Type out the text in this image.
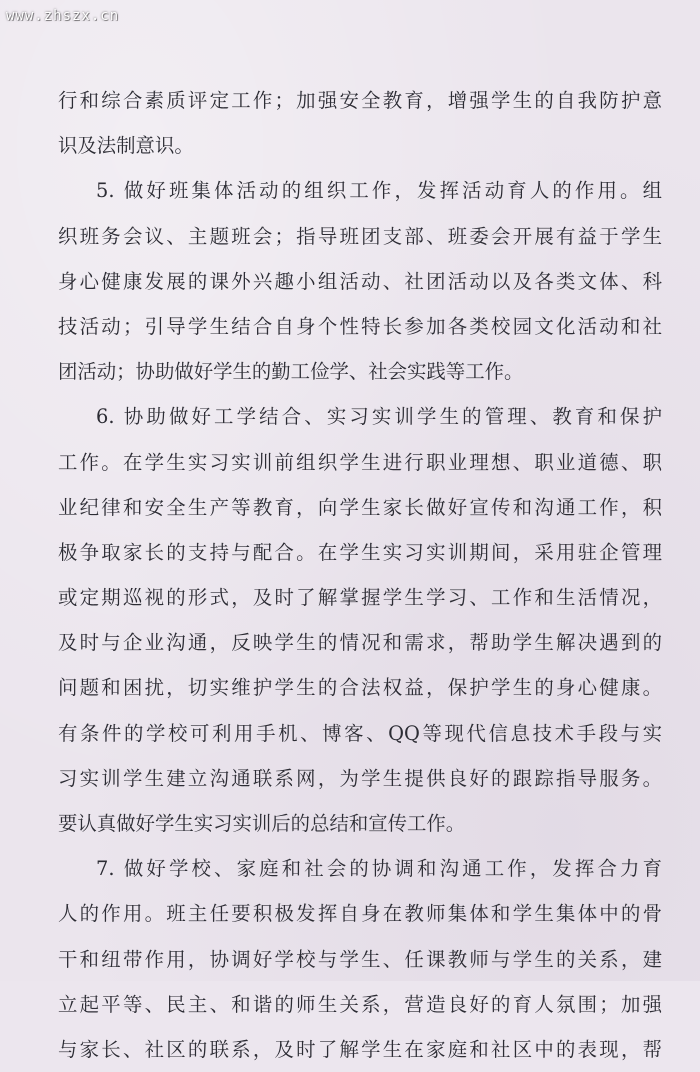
www.zhszx.cn
行和综合素质评定工作；加强安全教育，增强学生的自我防护意
识及法制意识。
5. 做好班集体活动的组织工作，发挥活动育人的作用。组
织班务会议、主题班会；指导班团支部、班委会开展有益于学生
身心健康发展的课外兴趣小组活动、社团活动以及各类文体、科
技活动；引导学生结合自身个性特长参加各类校园文化活动和社
团活动；协助做好学生的勤工俭学、社会实践等工作。
6. 协助做好工学结合、实习实训学生的管理、教育和保护
工作。在学生实习实训前组织学生进行职业理想、职业道德、职
业纪律和安全生产等教育，向学生家长做好宣传和沟通工作，积
极争取家长的支持与配合。在学生实习实训期间，采用驻企管理
或定期巡视的形式，及时了解掌握学生学习、工作和生活情况，
及时与企业沟通，反映学生的情况和需求，帮助学生解决遇到的
问题和困扰，切实维护学生的合法权益，保护学生的身心健康。
有条件的学校可利用手机、博客、QQ等现代信息技术手段与实
习实训学生建立沟通联系网，为学生提供良好的跟踪指导服务。
要认真做好学生实习实训后的总结和宣传工作。
7. 做好学校、家庭和社会的协调和沟通工作，发挥合力育
人的作用。班主任要积极发挥自身在教师集体和学生集体中的骨
干和纽带作用，协调好学校与学生、任课教师与学生的关系，建
立起平等、民主、和谐的师生关系，营造良好的育人氛围；加强
与家长、社区的联系，及时了解学生在家庭和社区中的表现，帮
